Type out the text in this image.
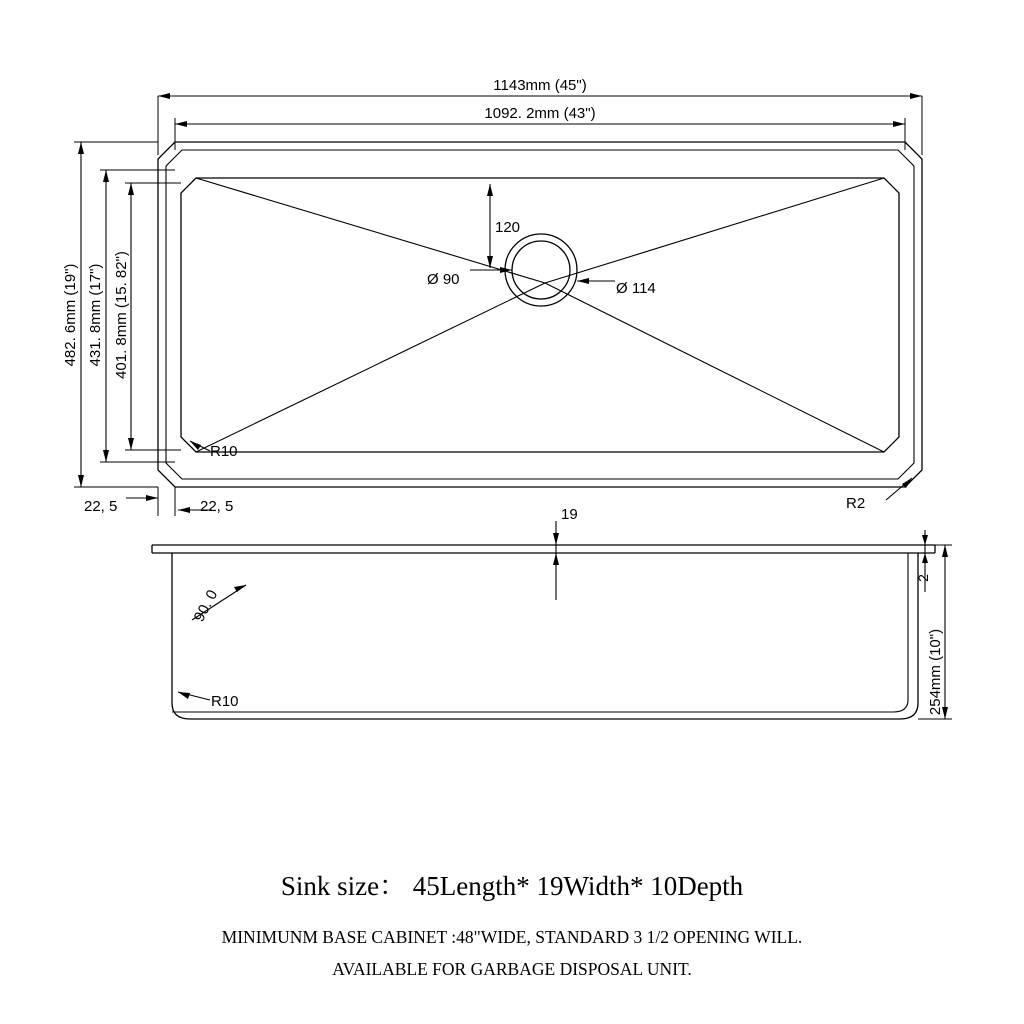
1143mm (45")
1092. 2mm (43")
482. 6mm (19") 431. 8mm (17") 401. 8mm (15. 82")
120
Ø 90
Ø 114
22, 5	22, 5
R10
R2
19
2
254mm (10")
90. 0
R10
Sink size： 45Length* 19Width* 10Depth
MINIMUNM BASE CABINET :48"WIDE, STANDARD 3 1/2 OPENING WILL.
AVAILABLE FOR GARBAGE DISPOSAL UNIT.
